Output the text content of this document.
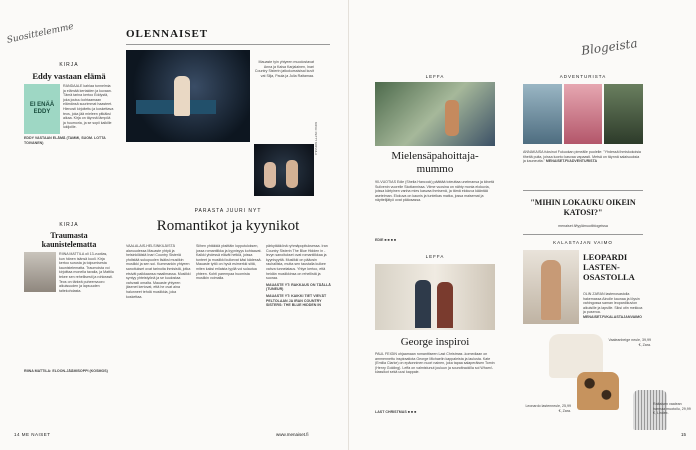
Suosittelemme
KIRJA
Eddy vastaan elämä
EI ENÄÄ EDDY
RANDAALE kahlaa tunnelmia ja elämää kertaiden ja kuvaan. Tämä tarina kertoo Eddystä, joka joutuu kohtaamaan elämänsä suurimmat haasteet. Hienosti kirjoitettu ja koskettava teos, joka jää mieleen pitkäksi aikaa. Kirja on täynnä lämpöä ja huumoria, ja se sopii kaikille lukijoille.
EDDY VASTAAN ELÄMÄ (TAMMI, SUOM. LOTTA TOIVANEN)
KIRJA
Traumasta kaunistelematta
RIINA MATTILA oli 13-vuotias, kun hänen isänsä kuoli. Kirja kertoo surusta ja toipumisesta kaunistelematta. Traumoista voi kirjoittaa monella tavalla, ja Mattila tekee sen rehellisesti ja rohkeasti. Teos on tärkeä puheenvuoro aikuisuuden ja lapsuuden taitekohdasta.
RIINA MATTILA: ELOON-JÄÄMISOPPI (KOSMOS)
OLENNAISET
Mauaste tyin yhtyeen muodostavat Anna ja Kaisa Karjalainen, Inari Country Sisterin jatkokurssisisal kuvit vat Silja, Paula ja Julia Raitamaa.
KUVA: PETTY KOIVULA
PARASTA JUURI NYT
Romantikot ja kyynikot

VAALALAIS-HELSINKILÄISTÄ alanuudessa Mauaste yhtyä ja helsinkiläistä Inari Country Sisteriä yhdistää sukupuolen lisäksi musiikin musiikki ja sen soi. Kummankin yhtyeen sanoitukset ovat tarinoita ihmisistä, jotka etsivät paikkaansa maailmassa. Musiikki syntyy yhteistyönä ja se kuulostaa vahvasti omalta. Mauaste yhtyeen jäsenet kertovat, että he ovat aina halunneet tehdä musiikkia, joka koskettaa.

Siihen yhtäkkiä yksittäin lopputuloksen, jossa romantiikka ja kyynisyys kohtaavat. Kaikki yhdessä elävät hetkiä, joissa tunteet ja musiikki kulkevat käsi kädessä. Mauaste tyttö on hyvä esimerkki siitä, miten kaksi erilaista tyyliä voi sulautua yhteen. Kohti parempaa huomista musiikin voimalla.

pärkytääkönä ryhmäpopituksessa. Iran Country Sisterin The Blue Hidden in -levyn sanoitukset ovat romantiikkaa ja kyynisyyttä. Musiikki on pääosin rauhallista, mutta sen taustalla kulkee vahva tunnelataus. Yhtye kertoo, että heidän musiikkinsa on rehellistä ja suoraa.

MAUASTE YT: RAKKAUS ON TÄÄLLÄ (TUNEUR)

MAUASTE YT: KAIKKI TIET VIEVÄT PELTOLAAN JA IRAN COUNTRY SISTERS: THE BLUE HIDDEN IN

14 ME NAISET	www.menaiset.fi
LEFFA
Mielensäpahoittaja-mummo
90-VUOTIAS Edie (Sheila Hancock) päättää toteuttaa unelmansa ja kiivetä Suilvenin vuorelle Skotlannissa. Viime vuosina on nähty monia elokuvia, joissa kärtyinen vanha mies kasvaa ihmisenä, ja tämä elokuva kääntää asetelman. Elokuva on kaunis ja tunteikas matka, jossa maisemat ja näyttelijätyö ovat pääosassa.
EDIE ■ ■ ■ ■
LEFFA
George inspiroi
PAUL FEIGIN ohjaamaan romanttiseen Last Christmas -komediaan on ammennettu inspiraatiota George Michaelin kappaleista ja laulusta. Kate (Emilia Clarke) on epäonninen nuori nainen, joka tapaa salaperäisen Tomin (Henry Golding). Leffa on valmistunut jouluun ja soundtrackilla soi Wham!-klassikot sekä uusi kappale.
LAST CHRISTMAS ■ ■ ■
Blogeista
ADVENTURISTA
ANNAKAISA fuksinut Fukuokan pimeälle puolelle: "Yhdessä ihmiskokoisia tiheitä puita, joissa luonto kasvaa vapaasti. Metsä on täynnä salaisuuksia ja kauneutta." MENAISET.FI/ADVENTURISTA
"MIHIN LOKAUKU OIKEIN KATOSI?"
menaiset.fi/tyylämuotiblogeissa
KALASTAJAN VAIMO
LEOPARDI LASTEN-OSASTOLLA
OLIN ZARAN lastenosastolla hakemassa Ainolle kaunaa ja löysin vahingossa saman leopardikuvion aikuisille ja lapsille. Siksi otin mekkoa ja puseroa. MENAISET.FI/KALASTAJANVAIMO
Vaaleanbeige neule, 39,99 €, Zara.
Leonardo lastenneule, 25,99 €, Zara.
Raitaisen vaalean harmaa muotoilu, 29,99 €, Lindex.
15
